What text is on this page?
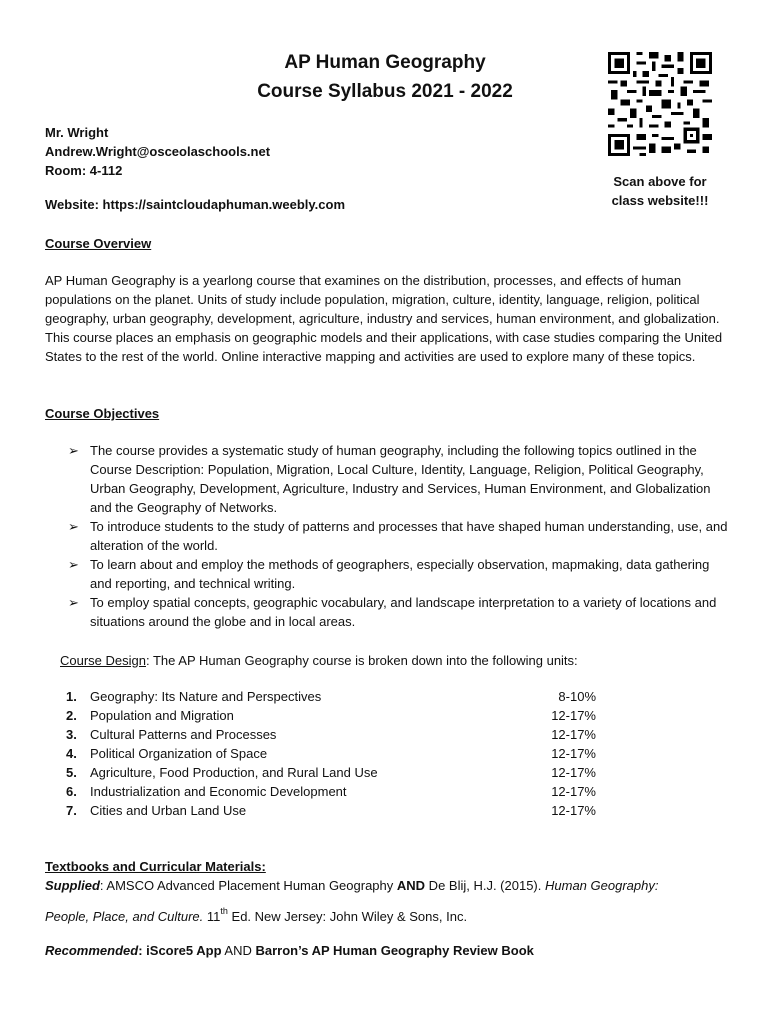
AP Human Geography
Course Syllabus 2021 - 2022
Scan above for
class website!!!
Mr. Wright
Andrew.Wright@osceolaschools.net
Room: 4-112
Website: https://saintcloudaphuman.weebly.com
Course Overview
AP Human Geography is a yearlong course that examines on the distribution, processes, and effects of human populations on the planet. Units of study include population, migration, culture, identity, language, religion, political geography, urban geography, development, agriculture, industry and services, human environment, and globalization. This course places an emphasis on geographic models and their applications, with case studies comparing the United States to the rest of the world. Online interactive mapping and activities are used to explore many of these topics.
Course Objectives
➢ The course provides a systematic study of human geography, including the following topics outlined in the Course Description: Population, Migration, Local Culture, Identity, Language, Religion, Political Geography, Urban Geography, Development, Agriculture, Industry and Services, Human Environment, and Globalization and the Geography of Networks.
➢ To introduce students to the study of patterns and processes that have shaped human understanding, use, and alteration of the world.
➢ To learn about and employ the methods of geographers, especially observation, mapmaking, data gathering and reporting, and technical writing.
➢ To employ spatial concepts, geographic vocabulary, and landscape interpretation to a variety of locations and situations around the globe and in local areas.
Course Design: The AP Human Geography course is broken down into the following units:
1. Geography: Its Nature and Perspectives	8-10%
2. Population and Migration	12-17%
3. Cultural Patterns and Processes	12-17%
4. Political Organization of Space	12-17%
5. Agriculture, Food Production, and Rural Land Use	12-17%
6. Industrialization and Economic Development	12-17%
7. Cities and Urban Land Use	12-17%
Textbooks and Curricular Materials:
Supplied: AMSCO Advanced Placement Human Geography AND De Blij, H.J. (2015). Human Geography:
People, Place, and Culture. 11th Ed. New Jersey: John Wiley & Sons, Inc.
Recommended: iScore5 App AND Barron’s AP Human Geography Review Book
